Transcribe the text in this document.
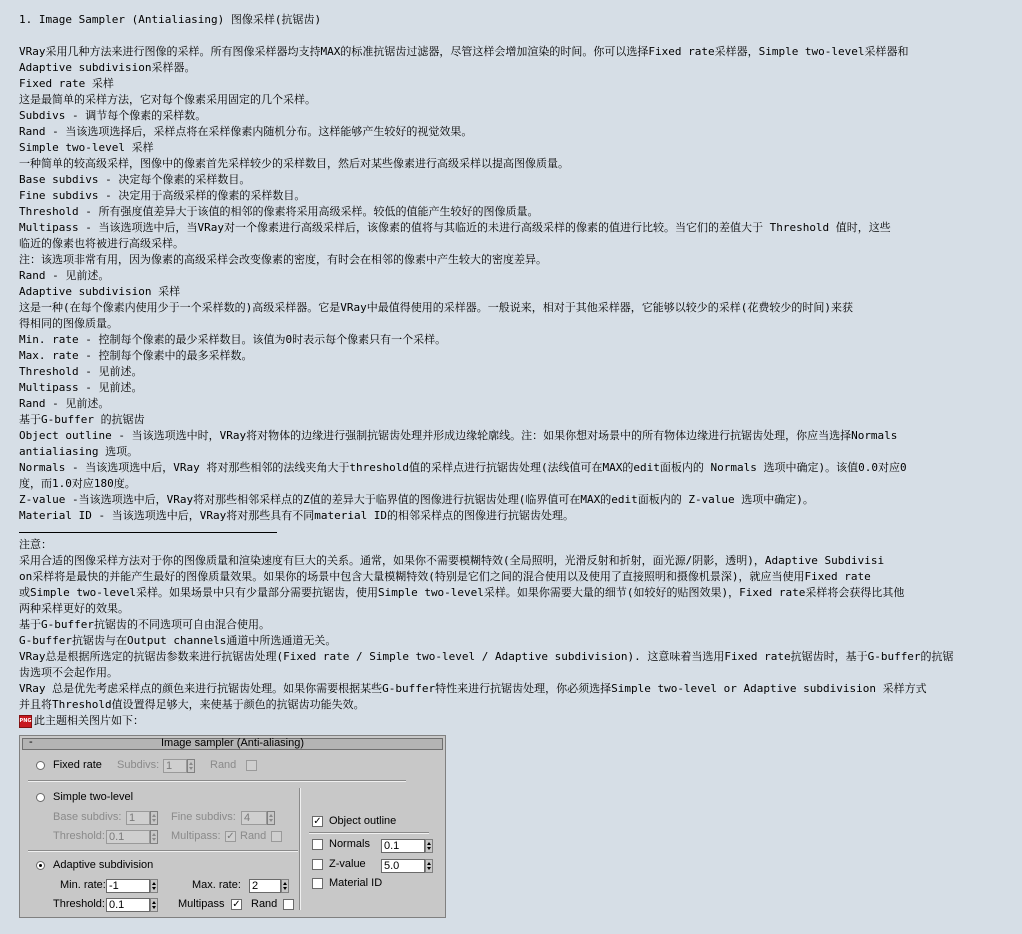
1. Image Sampler (Antialiasing) 图像采样(抗锯齿)

VRay采用几种方法来进行图像的采样。所有图像采样器均支持MAX的标准抗锯齿过滤器，尽管这样会增加渲染的时间。你可以选择Fixed rate采样器，Simple two-level采样器和

Adaptive subdivision采样器。

Fixed rate 采样

这是最简单的采样方法，它对每个像素采用固定的几个采样。

Subdivs - 调节每个像素的采样数。

Rand - 当该选项选择后，采样点将在采样像素内随机分布。这样能够产生较好的视觉效果。

Simple two-level 采样

一种简单的较高级采样，图像中的像素首先采样较少的采样数目，然后对某些像素进行高级采样以提高图像质量。

Base subdivs - 决定每个像素的采样数目。

Fine subdivs - 决定用于高级采样的像素的采样数目。

Threshold - 所有强度值差异大于该值的相邻的像素将采用高级采样。较低的值能产生较好的图像质量。

Multipass - 当该选项选中后，当VRay对一个像素进行高级采样后，该像素的值将与其临近的未进行高级采样的像素的值进行比较。当它们的差值大于 Threshold 值时，这些

临近的像素也将被进行高级采样。

注：该选项非常有用，因为像素的高级采样会改变像素的密度，有时会在相邻的像素中产生较大的密度差异。

Rand - 见前述。

Adaptive subdivision 采样

这是一种(在每个像素内使用少于一个采样数的)高级采样器。它是VRay中最值得使用的采样器。一般说来，相对于其他采样器，它能够以较少的采样(花费较少的时间)来获

得相同的图像质量。

Min. rate - 控制每个像素的最少采样数目。该值为0时表示每个像素只有一个采样。

Max. rate - 控制每个像素中的最多采样数。

Threshold - 见前述。

Multipass - 见前述。

Rand - 见前述。

基于G-buffer 的抗锯齿

Object outline - 当该选项选中时，VRay将对物体的边缘进行强制抗锯齿处理并形成边缘轮廓线。注：如果你想对场景中的所有物体边缘进行抗锯齿处理，你应当选择Normals

antialiasing 选项。

Normals - 当该选项选中后，VRay 将对那些相邻的法线夹角大于threshold值的采样点进行抗锯齿处理(法线值可在MAX的edit面板内的 Normals 选项中确定)。该值0.0对应0

度，而1.0对应180度。

Z-value -当该选项选中后，VRay将对那些相邻采样点的Z值的差异大于临界值的图像进行抗锯齿处理(临界值可在MAX的edit面板内的 Z-value 选项中确定)。

Material ID - 当该选项选中后，VRay将对那些具有不同material ID的相邻采样点的图像进行抗锯齿处理。

注意：

采用合适的图像采样方法对于你的图像质量和渲染速度有巨大的关系。通常，如果你不需要模糊特效(全局照明，光滑反射和折射，面光源/阴影，透明)，Adaptive Subdivisi

on采样将是最快的并能产生最好的图像质量效果。如果你的场景中包含大量模糊特效(特别是它们之间的混合使用以及使用了直接照明和摄像机景深)，就应当使用Fixed rate

或Simple two-level采样。如果场景中只有少量部分需要抗锯齿，使用Simple two-level采样。如果你需要大量的细节(如较好的贴图效果)，Fixed rate采样将会获得比其他

两种采样更好的效果。

基于G-buffer抗锯齿的不同选项可自由混合使用。

G-buffer抗锯齿与在Output channels通道中所选通道无关。

VRay总是根据所选定的抗锯齿参数来进行抗锯齿处理(Fixed rate / Simple two-level / Adaptive subdivision). 这意味着当选用Fixed rate抗锯齿时，基于G-buffer的抗锯

齿选项不会起作用。

VRay 总是优先考虑采样点的颜色来进行抗锯齿处理。如果你需要根据某些G-buffer特性来进行抗锯齿处理，你必须选择Simple two-level or Adaptive subdivision 采样方式

并且将Threshold值设置得足够大，来使基于颜色的抗锯齿功能失效。

PNG 此主题相关图片如下：
-	Image sampler (Anti-aliasing)
Fixed rate Subdivs: 1	Rand
Simple two-level
Base subdivs: 1	Fine subdivs: 4
Threshold: 0.1	Multipass: ✓ Rand
Adaptive subdivision
Min. rate: -1	Max. rate: 2
Threshold: 0.1	Multipass ✓ Rand
✓ Object outline
Normals 0.1
Z-value 5.0
Material ID
